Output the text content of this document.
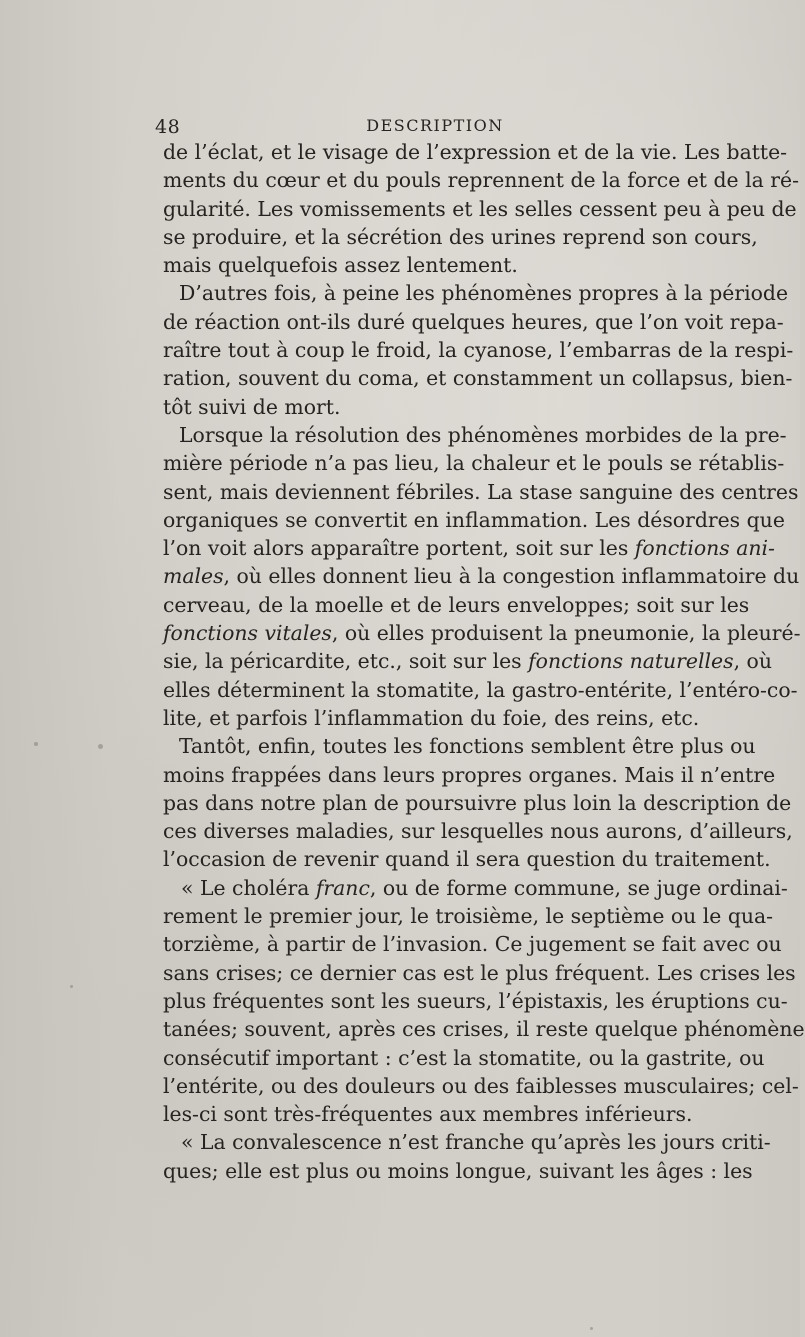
48	DESCRIPTION
de l’éclat, et le visage de l’expression et de la vie. Les batte-
ments du cœur et du pouls reprennent de la force et de la ré-
gularité. Les vomissements et les selles cessent peu à peu de
se produire, et la sécrétion des urines reprend son cours,
mais quelquefois assez lentement.
D’autres fois, à peine les phénomènes propres à la période
de réaction ont-ils duré quelques heures, que l’on voit repa-
raître tout à coup le froid, la cyanose, l’embarras de la respi-
ration, souvent du coma, et constamment un collapsus, bien-
tôt suivi de mort.
Lorsque la résolution des phénomènes morbides de la pre-
mière période n’a pas lieu, la chaleur et le pouls se rétablis-
sent, mais deviennent fébriles. La stase sanguine des centres
organiques se convertit en inflammation. Les désordres que
l’on voit alors apparaître portent, soit sur les fonctions ani-
males, où elles donnent lieu à la congestion inflammatoire du
cerveau, de la moelle et de leurs enveloppes; soit sur les
fonctions vitales, où elles produisent la pneumonie, la pleuré-
sie, la péricardite, etc., soit sur les fonctions naturelles, où
elles déterminent la stomatite, la gastro-entérite, l’entéro-co-
lite, et parfois l’inflammation du foie, des reins, etc.
Tantôt, enfin, toutes les fonctions semblent être plus ou
moins frappées dans leurs propres organes. Mais il n’entre
pas dans notre plan de poursuivre plus loin la description de
ces diverses maladies, sur lesquelles nous aurons, d’ailleurs,
l’occasion de revenir quand il sera question du traitement.
« Le choléra franc, ou de forme commune, se juge ordinai-
rement le premier jour, le troisième, le septième ou le qua-
torzième, à partir de l’invasion. Ce jugement se fait avec ou
sans crises; ce dernier cas est le plus fréquent. Les crises les
plus fréquentes sont les sueurs, l’épistaxis, les éruptions cu-
tanées; souvent, après ces crises, il reste quelque phénomène
consécutif important : c’est la stomatite, ou la gastrite, ou
l’entérite, ou des douleurs ou des faiblesses musculaires; cel-
les-ci sont très-fréquentes aux membres inférieurs.
« La convalescence n’est franche qu’après les jours criti-
ques; elle est plus ou moins longue, suivant les âges : les
